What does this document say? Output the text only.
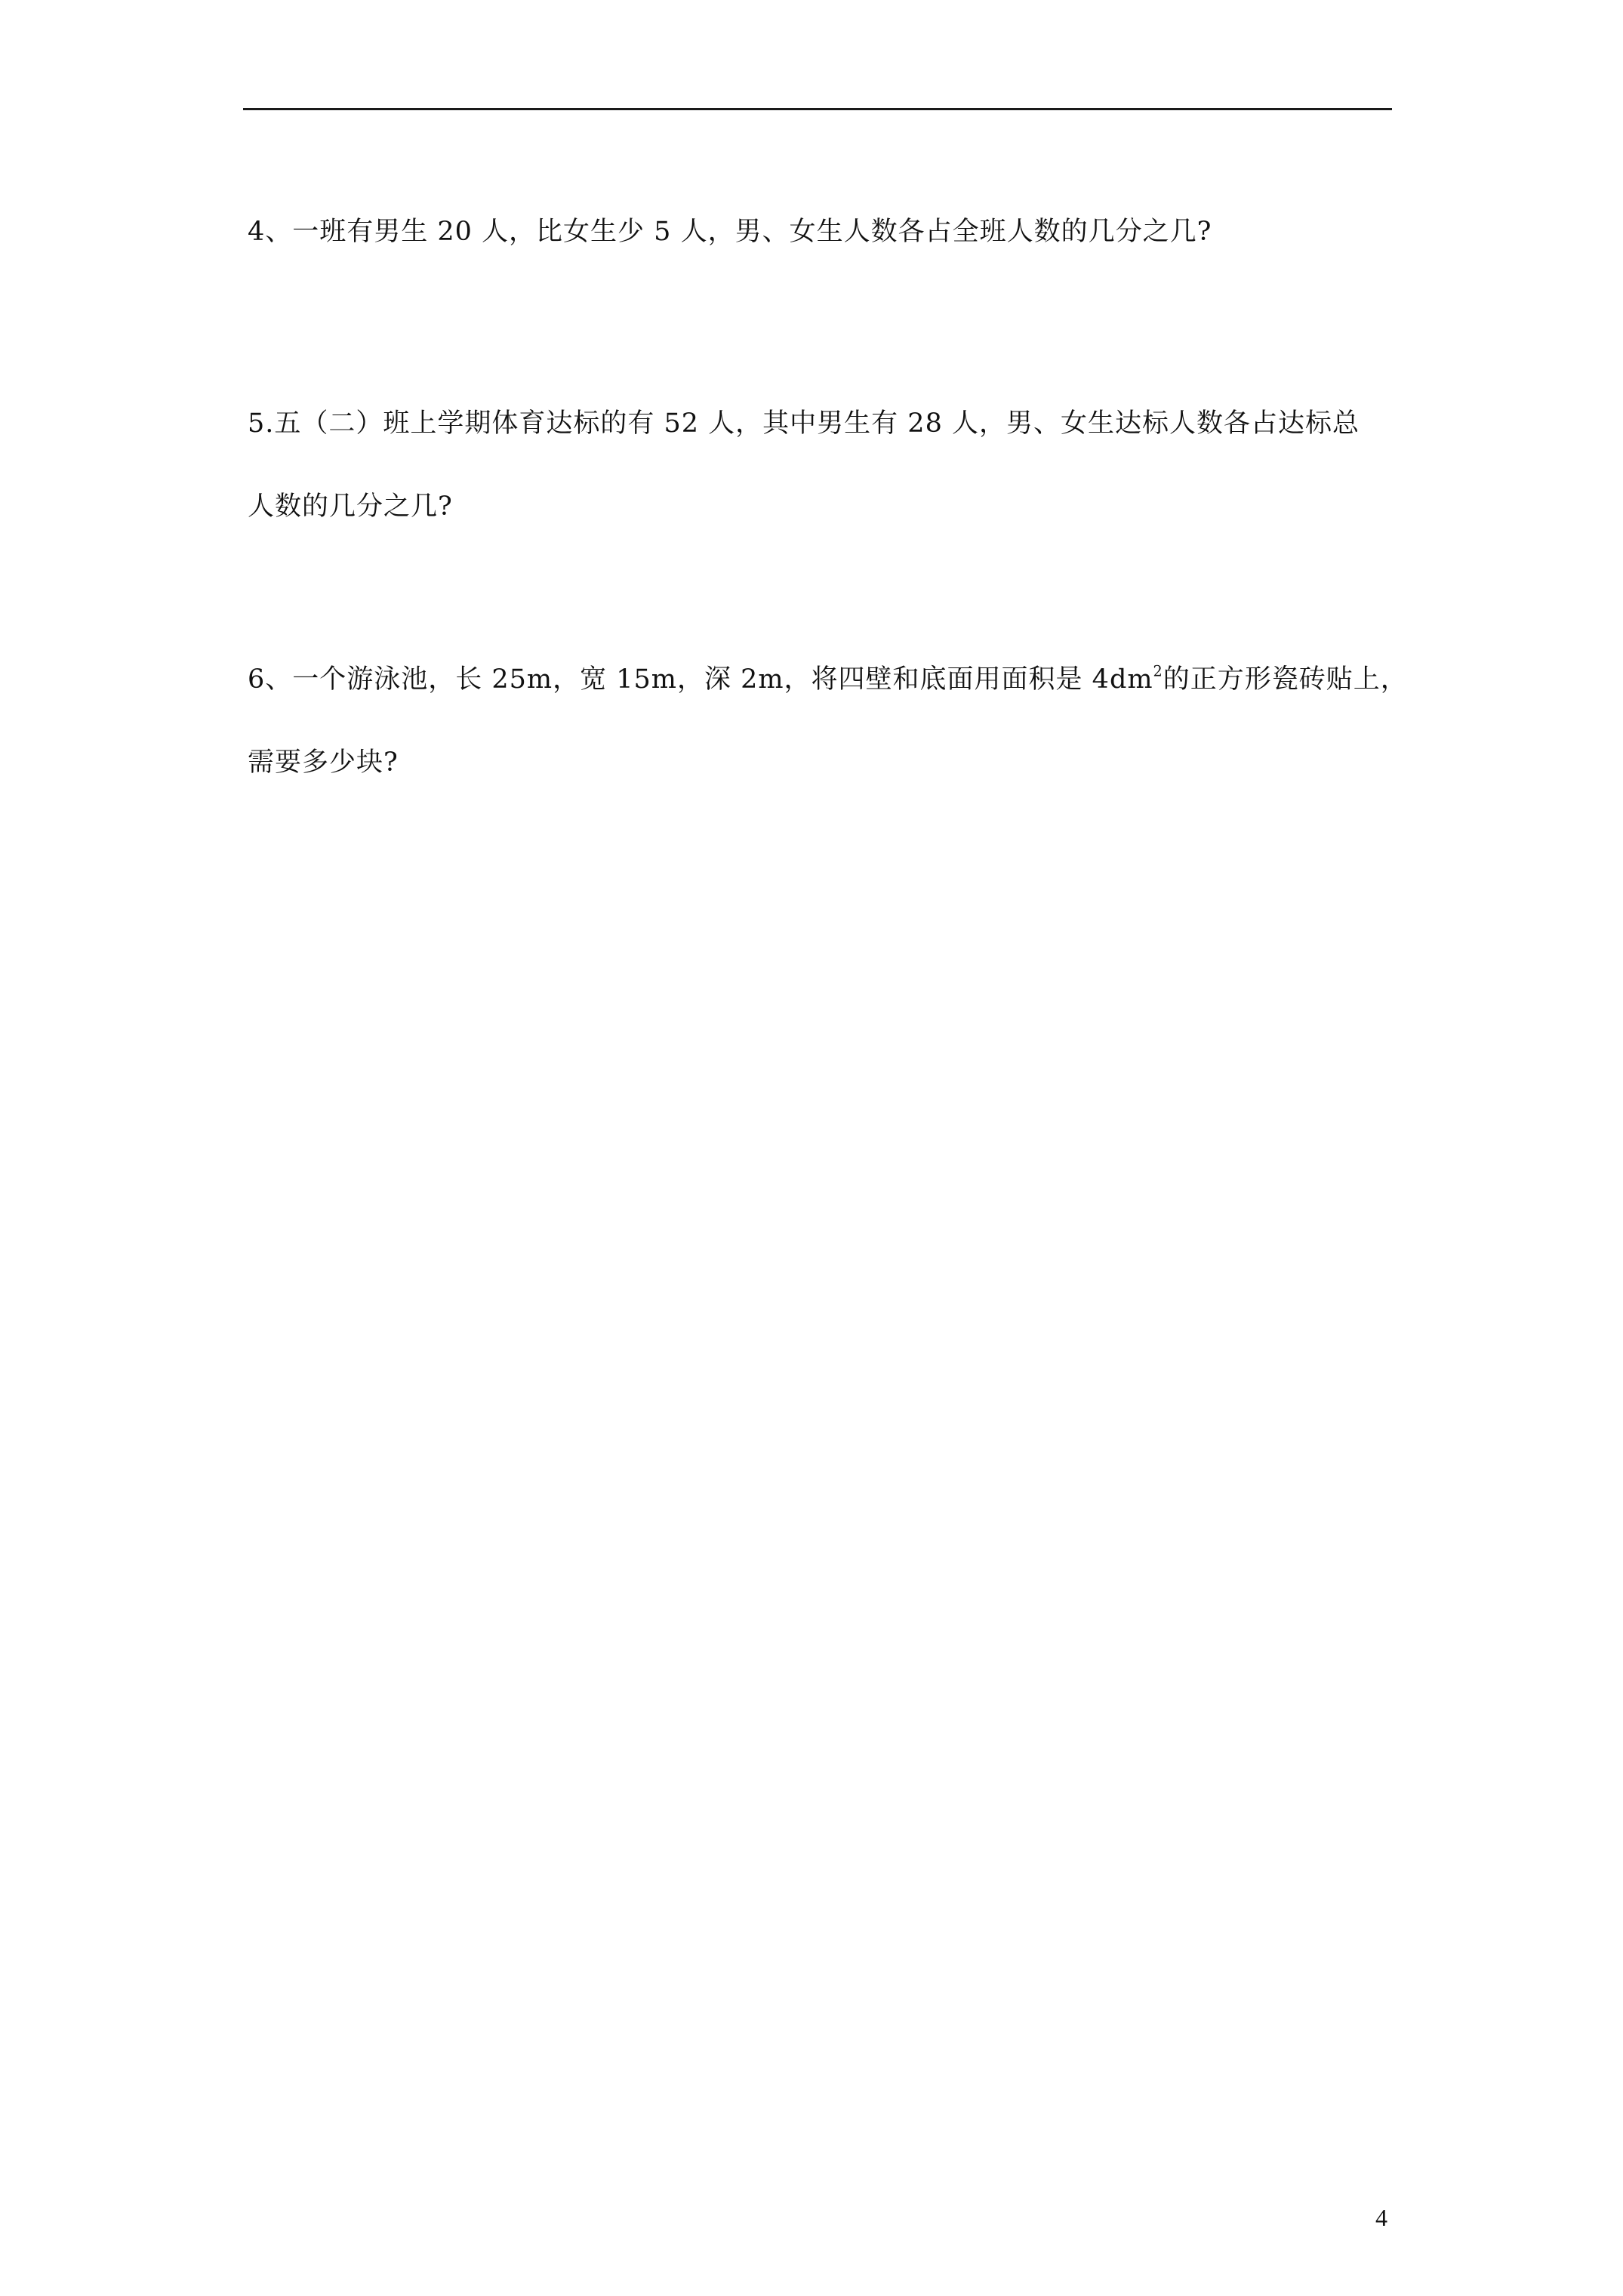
4、一班有男生 20 人，比女生少 5 人，男、女生人数各占全班人数的几分之几?
5.五（二）班上学期体育达标的有 52 人，其中男生有 28 人，男、女生达标人数各占达标总
人数的几分之几?
6、一个游泳池，长 25m，宽 15m，深 2m，将四壁和底面用面积是 $4dm^2$的正方形瓷砖贴上，
需要多少块?
4
